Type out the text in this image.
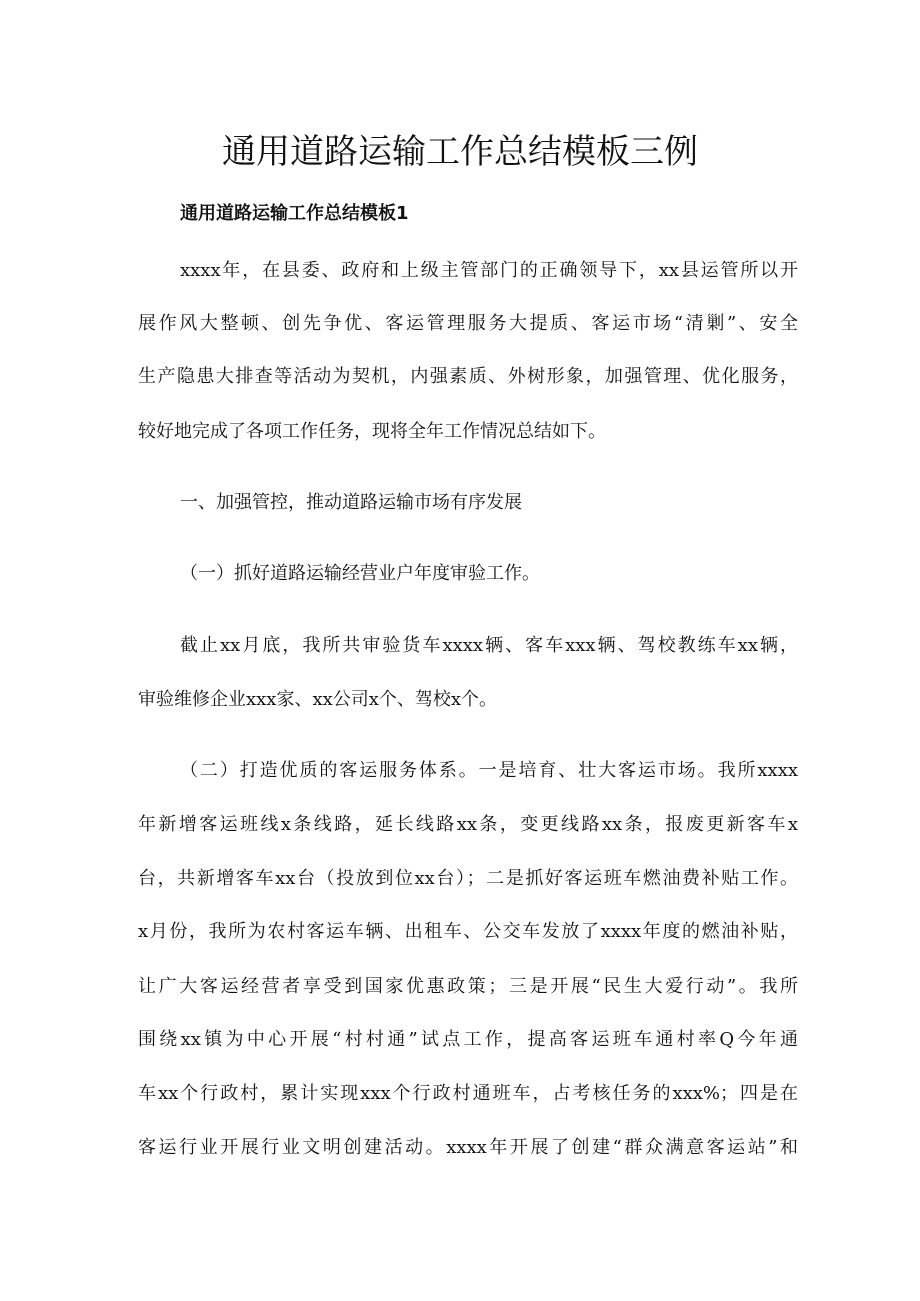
通用道路运输工作总结模板三例
通用道路运输工作总结模板1
xxxx年，在县委、政府和上级主管部门的正确领导下，xx县运管所以开
展作风大整顿、创先争优、客运管理服务大提质、客运市场“清剿”、安全
生产隐患大排查等活动为契机，内强素质、外树形象，加强管理、优化服务，
较好地完成了各项工作任务，现将全年工作情况总结如下。
一、加强管控，推动道路运输市场有序发展
（一）抓好道路运输经营业户年度审验工作。
截止xx月底，我所共审验货车xxxx辆、客车xxx辆、驾校教练车xx辆，
审验维修企业xxx家、xx公司x个、驾校x个。
（二）打造优质的客运服务体系。一是培育、壮大客运市场。我所xxxx
年新增客运班线x条线路，延长线路xx条，变更线路xx条，报废更新客车x
台，共新增客车xx台（投放到位xx台）；二是抓好客运班车燃油费补贴工作。
x月份，我所为农村客运车辆、出租车、公交车发放了xxxx年度的燃油补贴，
让广大客运经营者享受到国家优惠政策；三是开展“民生大爱行动”。我所
围绕xx镇为中心开展“村村通”试点工作，提高客运班车通村率Q今年通
车xx个行政村，累计实现xxx个行政村通班车，占考核任务的xxx%；四是在
客运行业开展行业文明创建活动。xxxx年开展了创建“群众满意客运站”和
